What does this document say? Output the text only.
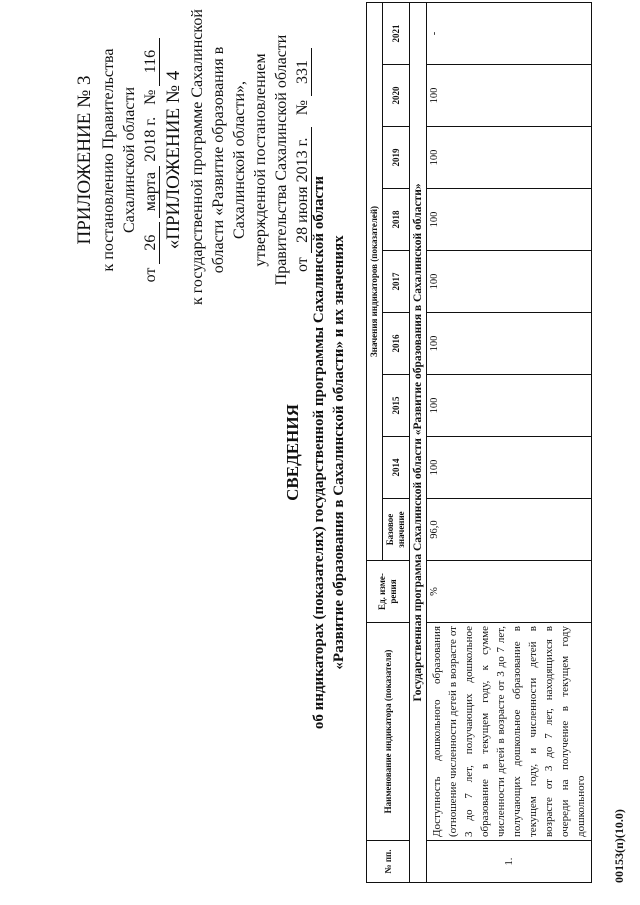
ПРИЛОЖЕНИЕ № 3 к постановлению Правительства Сахалинской области
от 26 марта 2018 г.   № 116
«ПРИЛОЖЕНИЕ № 4 к государственной программе Сахалинской области «Развитие образования в Сахалинской области», утвержденной постановлением Правительства Сахалинской области от 28 июня 2013 г.   № 331
СВЕДЕНИЯ об индикаторах (показателях) государственной программы Сахалинской области «Развитие образования в Сахалинской области» и их значениях
№ пп.	Наименование индикатора (показателя)	Ед. изме-рения	Значения индикаторов (показателей)								
			Базовое значение	2014	2015	2016	2017	2018	2019	2020	2021
Государственная программа Сахалинской области «Развитие образования в Сахалинской области»											
1.	Доступность дошкольного образования (отношение численности детей в возрасте от 3 до 7 лет, получающих дошкольное образование в текущем году, к сумме численности детей в возрасте от 3 до 7 лет, получающих дошкольное образование в текущем году, и численности детей в возрасте от 3 до 7 лет, находящихся в очереди на получение в текущем году дошкольного	%	96,0	100	100	100	100	100	100	100	-
00153(п)(10.0)
